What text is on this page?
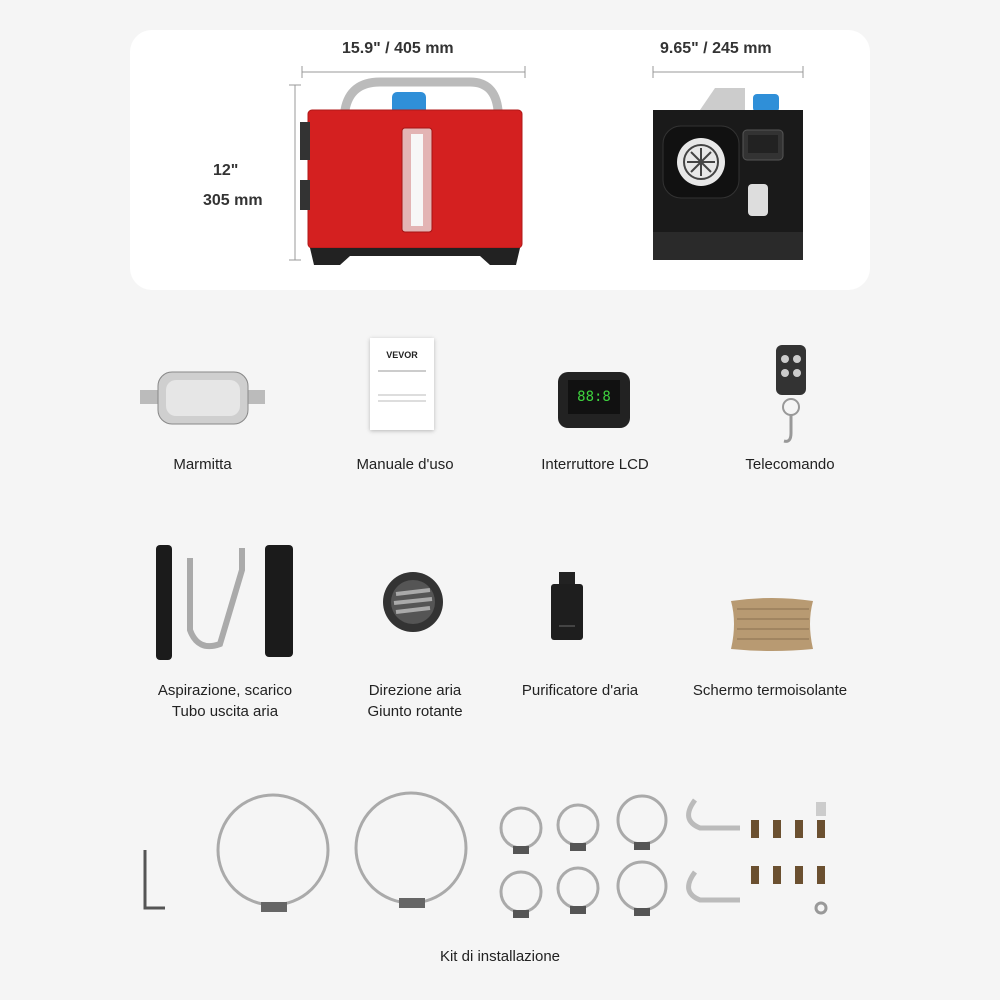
15.9" / 405 mm	9.65" / 245 mm
12"
305 mm
VEVOR
88:8
Marmitta	Manuale d'uso	Interruttore LCD	Telecomando
Aspirazione, scarico
Tubo uscita aria
Direzione aria
Giunto rotante
Purificatore d'aria	Schermo termoisolante
Kit di installazione
